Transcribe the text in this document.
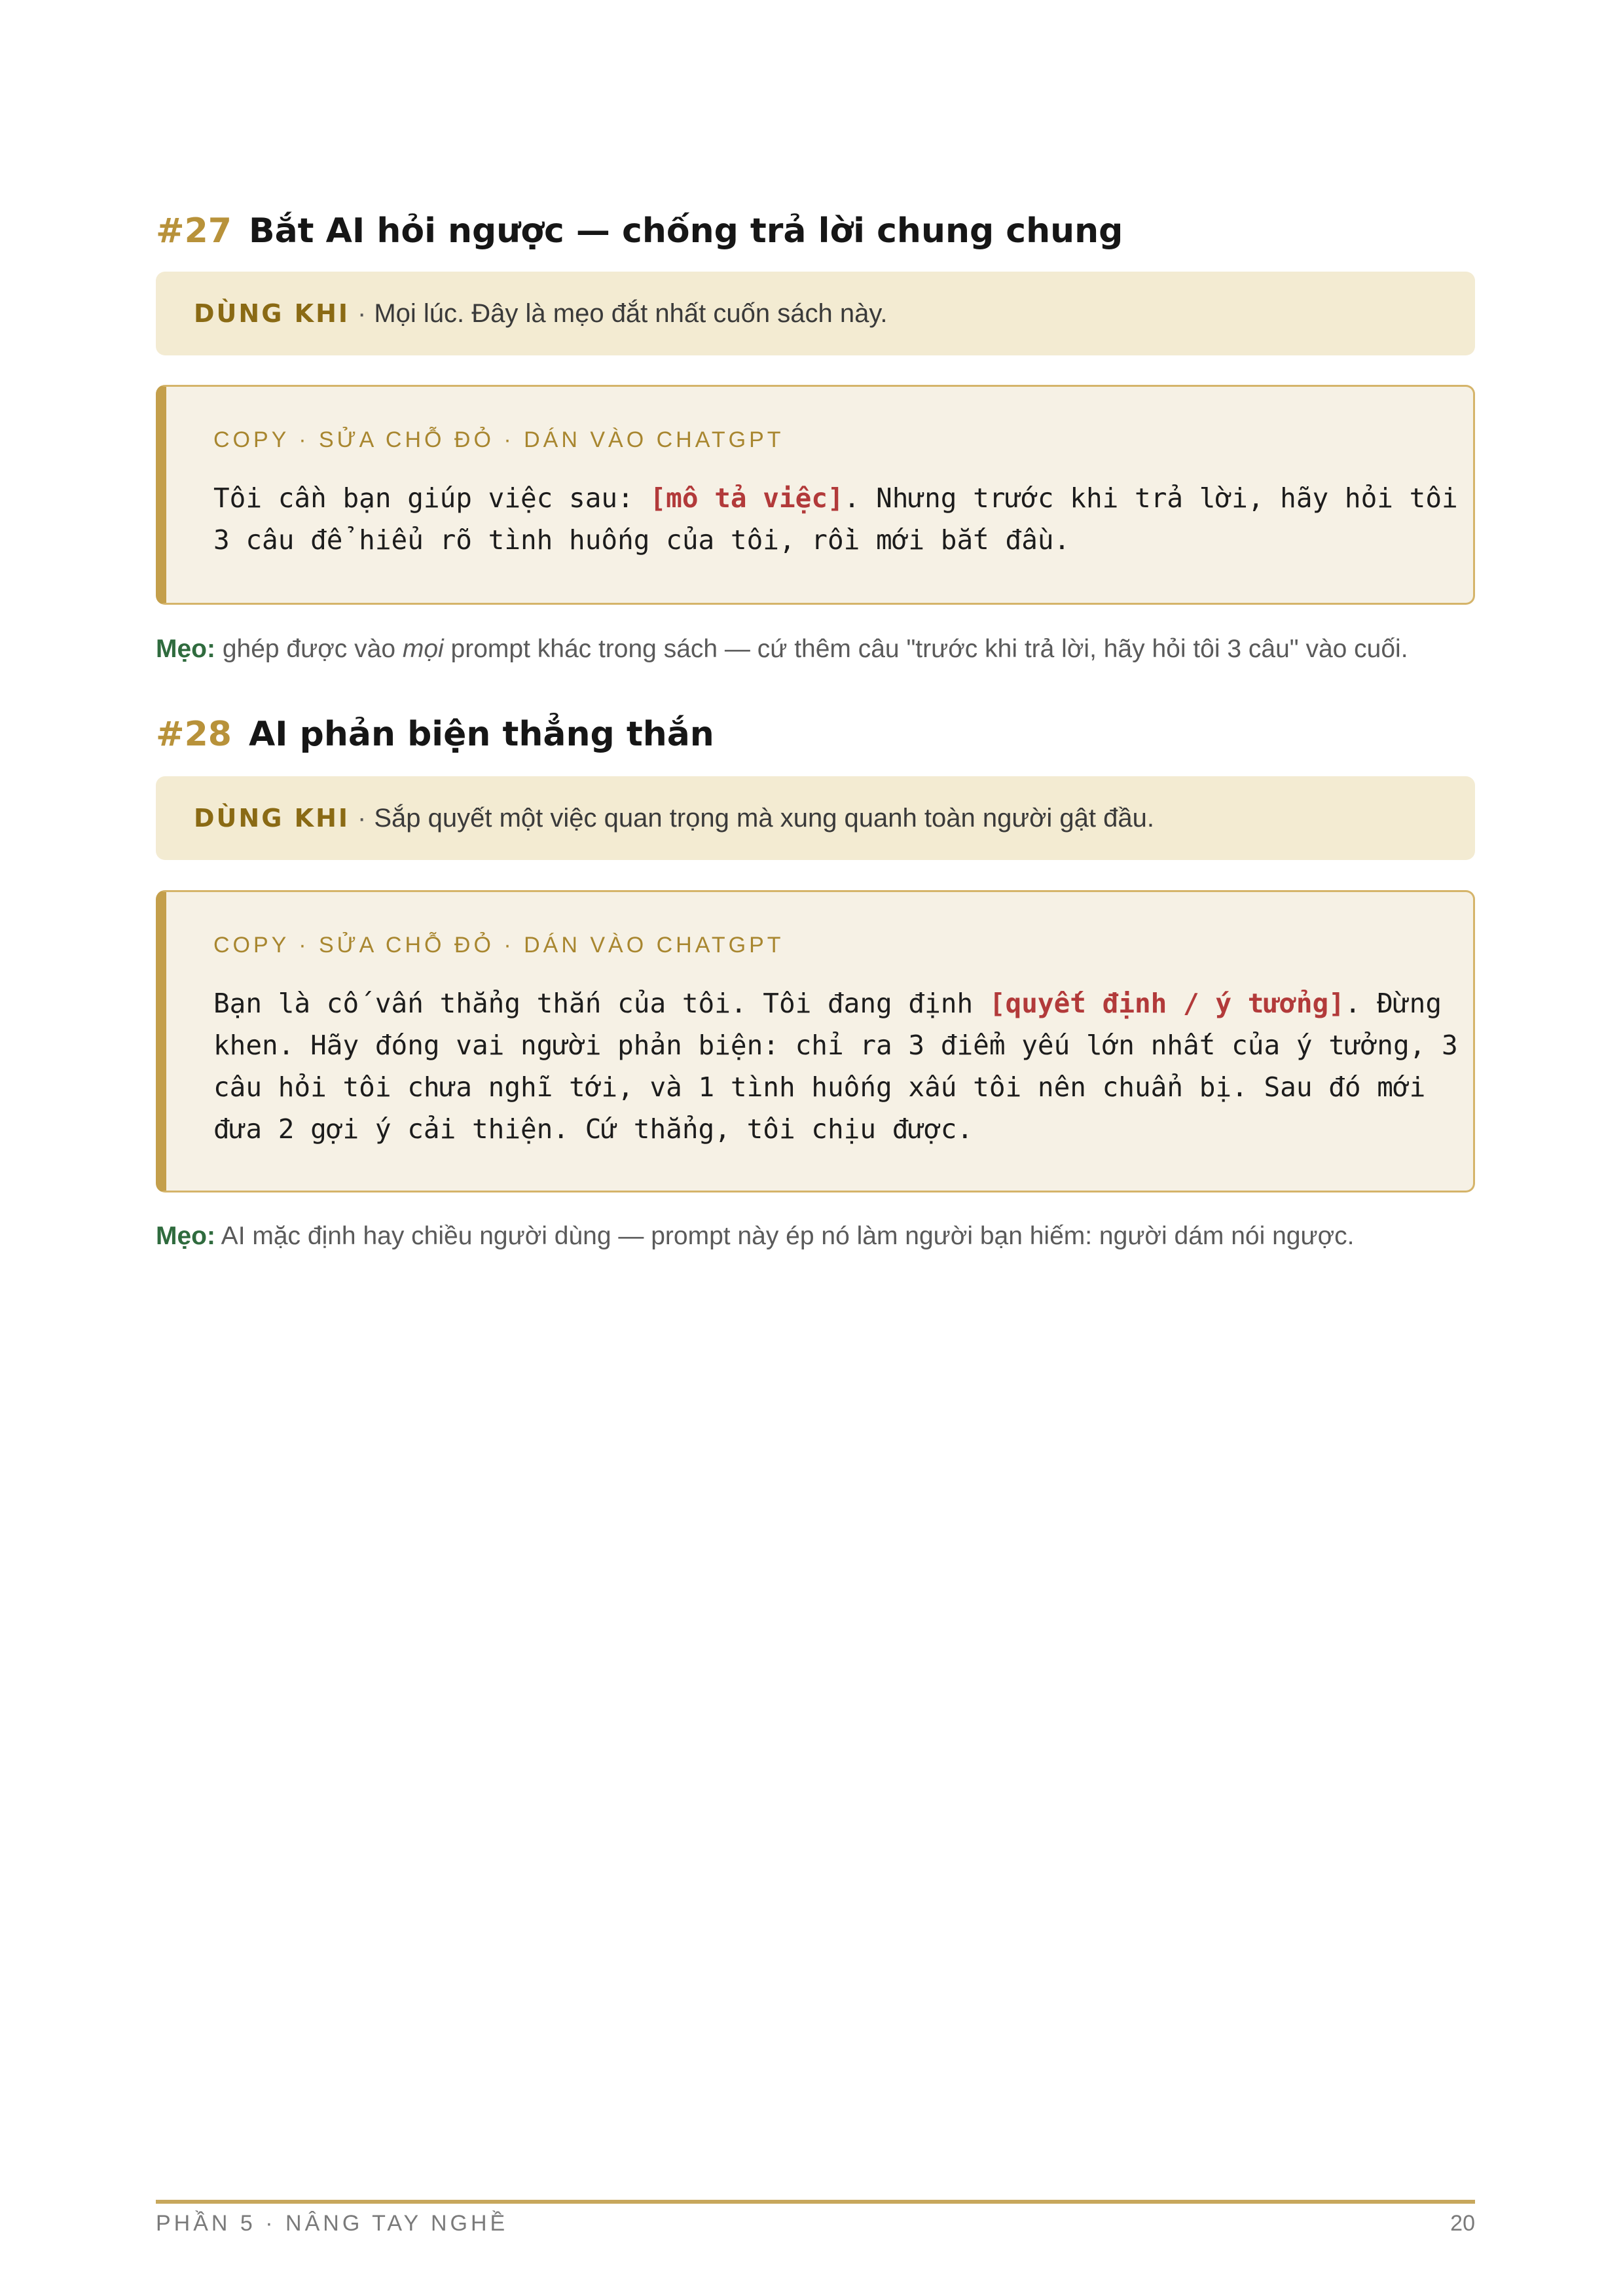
#27 Bắt AI hỏi ngược — chống trả lời chung chung
DÙNG KHI · Mọi lúc. Đây là mẹo đắt nhất cuốn sách này.
COPY · SỬA CHỖ ĐỎ · DÁN VÀO CHATGPT
Tôi cần bạn giúp việc sau: [mô tả việc]. Nhưng trước khi trả lời, hãy hỏi tôi
3 câu để hiểu rõ tình huống của tôi, rồi mới bắt đầu.
Mẹo: ghép được vào mọi prompt khác trong sách — cứ thêm câu "trước khi trả lời, hãy hỏi tôi 3 câu" vào cuối.
#28 AI phản biện thẳng thắn
DÙNG KHI · Sắp quyết một việc quan trọng mà xung quanh toàn người gật đầu.
COPY · SỬA CHỖ ĐỎ · DÁN VÀO CHATGPT
Bạn là cố vấn thẳng thắn của tôi. Tôi đang định [quyết định / ý tưởng]. Đừng
khen. Hãy đóng vai người phản biện: chỉ ra 3 điểm yếu lớn nhất của ý tưởng, 3
câu hỏi tôi chưa nghĩ tới, và 1 tình huống xấu tôi nên chuẩn bị. Sau đó mới
đưa 2 gợi ý cải thiện. Cứ thẳng, tôi chịu được.
Mẹo: AI mặc định hay chiều người dùng — prompt này ép nó làm người bạn hiếm: người dám nói ngược.
PHẦN 5 · NÂNG TAY NGHỀ	20
